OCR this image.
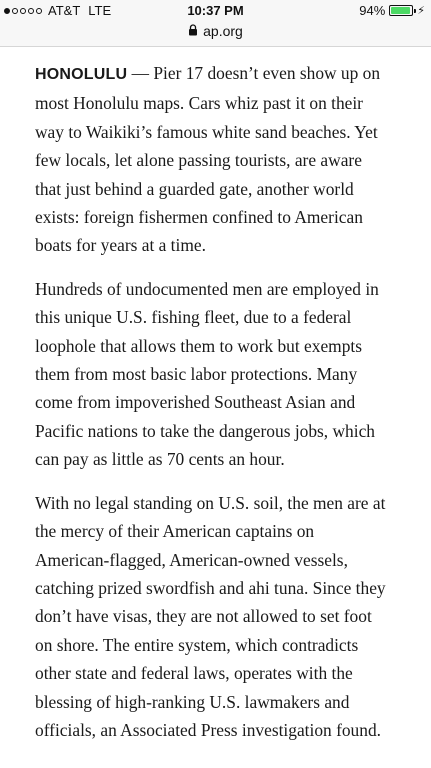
AT&T LTE	10:37 PM	94%	⚡
ap.org

HONOLULU — Pier 17 doesn’t even show up on most Honolulu maps. Cars whiz past it on their way to Waikiki’s famous white sand beaches. Yet few locals, let alone passing tourists, are aware that just behind a guarded gate, another world exists: foreign fishermen confined to American boats for years at a time.

Hundreds of undocumented men are employed in this unique U.S. fishing fleet, due to a federal loophole that allows them to work but exempts them from most basic labor protections. Many come from impoverished Southeast Asian and Pacific nations to take the dangerous jobs, which can pay as little as 70 cents an hour.

With no legal standing on U.S. soil, the men are at the mercy of their American captains on American-flagged, American-owned vessels, catching prized swordfish and ahi tuna. Since they don’t have visas, they are not allowed to set foot on shore. The entire system, which contradicts other state and federal laws, operates with the blessing of high-ranking U.S. lawmakers and officials, an Associated Press investigation found.
